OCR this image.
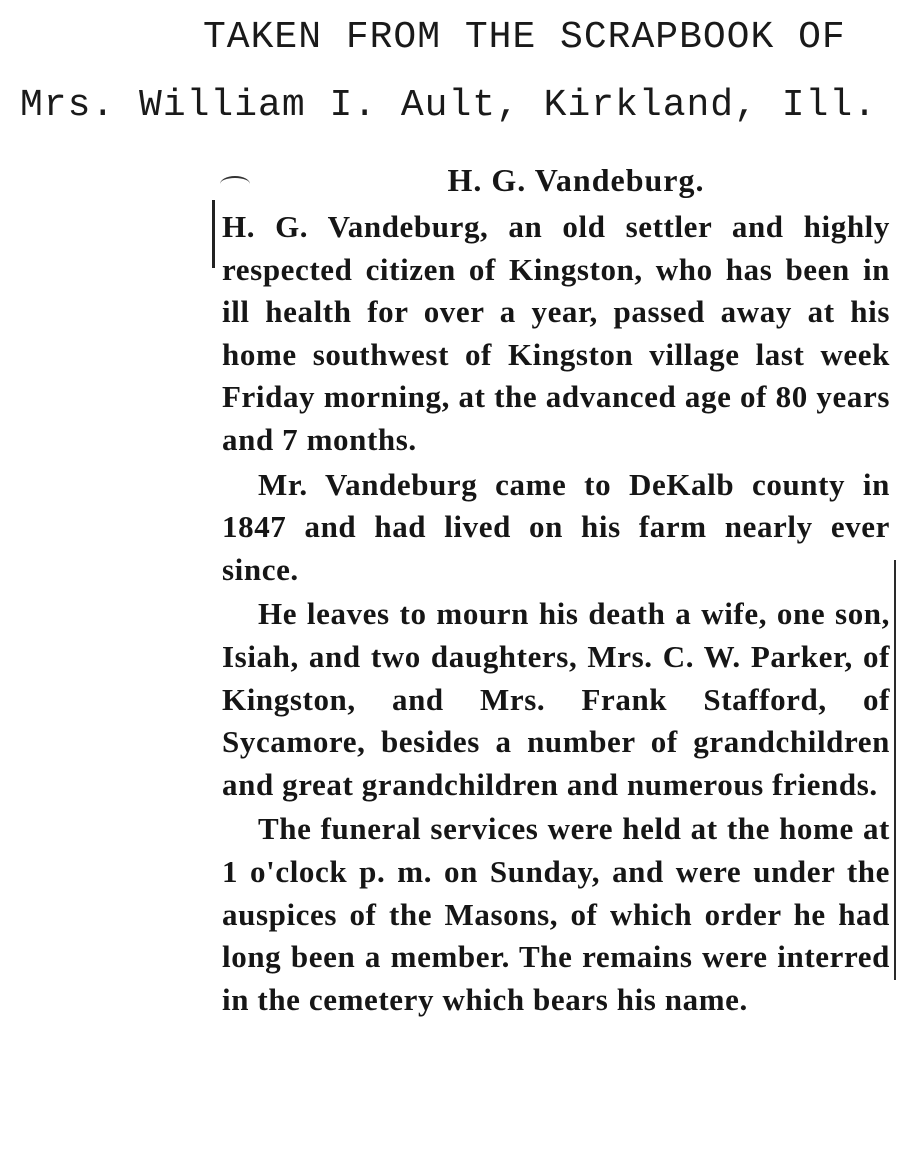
TAKEN FROM THE SCRAPBOOK OF
Mrs. William I. Ault, Kirkland, Ill.
H. G. Vandeburg.

H. G. Vandeburg, an old settler and highly respected citizen of Kingston, who has been in ill health for over a year, passed away at his home southwest of Kingston village last week Friday morning, at the advanced age of 80 years and 7 months.

Mr. Vandeburg came to DeKalb county in 1847 and had lived on his farm nearly ever since.

He leaves to mourn his death a wife, one son, Isiah, and two daughters, Mrs. C. W. Parker, of Kingston, and Mrs. Frank Stafford, of Sycamore, besides a number of grandchildren and great grandchildren and numerous friends.

The funeral services were held at the home at 1 o'clock p. m. on Sunday, and were under the auspices of the Masons, of which order he had long been a member. The remains were interred in the cemetery which bears his name.
